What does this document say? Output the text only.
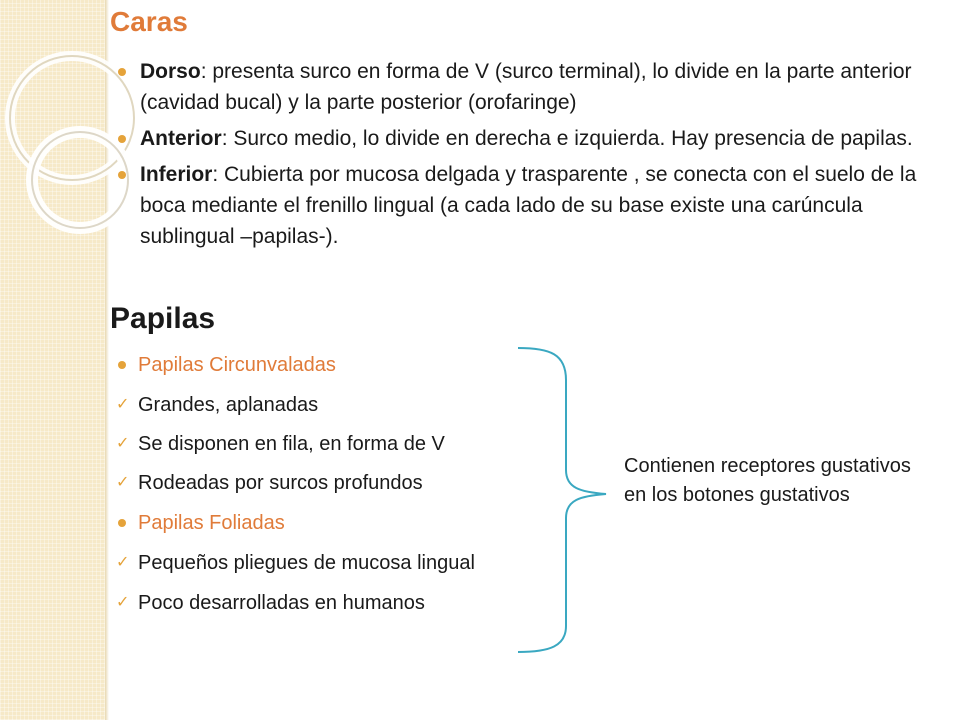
Caras
Dorso: presenta surco en forma de V (surco terminal), lo divide en la parte anterior (cavidad bucal) y la parte posterior (orofaringe)
Anterior: Surco medio, lo divide en derecha e izquierda. Hay presencia de papilas.
Inferior: Cubierta por mucosa delgada y trasparente , se conecta con el suelo de la boca mediante el frenillo lingual (a cada lado de su base existe una carúncula sublingual –papilas-).
Papilas
Papilas Circunvaladas
✓ Grandes, aplanadas
✓ Se disponen en fila, en forma de V
✓ Rodeadas por surcos profundos
Papilas Foliadas
✓ Pequeños pliegues de mucosa lingual
✓ Poco desarrolladas en humanos
Contienen receptores gustativos en los botones gustativos
